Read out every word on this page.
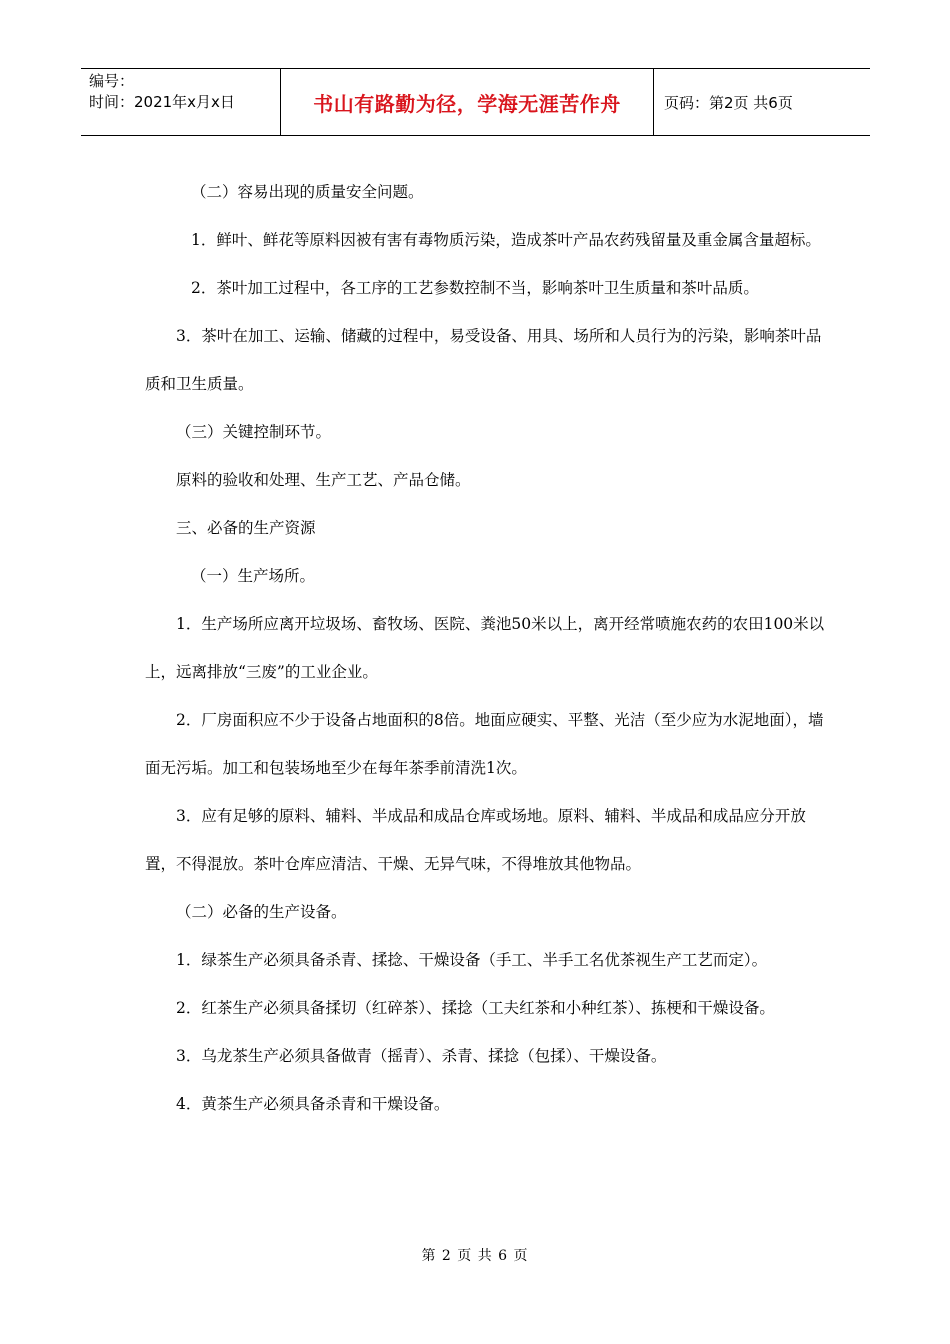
编号：
时间：2021年x月x日	书山有路勤为径，学海无涯苦作舟	页码：第2页 共6页

（二）容易出现的质量安全问题。

1．鲜叶、鲜花等原料因被有害有毒物质污染，造成茶叶产品农药残留量及重金属含量超标。

2．茶叶加工过程中，各工序的工艺参数控制不当，影响茶叶卫生质量和茶叶品质。

3．茶叶在加工、运输、储藏的过程中，易受设备、用具、场所和人员行为的污染，影响茶叶品质和卫生质量。

（三）关键控制环节。

原料的验收和处理、生产工艺、产品仓储。

三、必备的生产资源

（一）生产场所。

1．生产场所应离开垃圾场、畜牧场、医院、粪池50米以上，离开经常喷施农药的农田100米以上，远离排放“三废”的工业企业。

2．厂房面积应不少于设备占地面积的8倍。地面应硬实、平整、光洁（至少应为水泥地面），墙面无污垢。加工和包装场地至少在每年茶季前清洗1次。

3．应有足够的原料、辅料、半成品和成品仓库或场地。原料、辅料、半成品和成品应分开放置，不得混放。茶叶仓库应清洁、干燥、无异气味，不得堆放其他物品。

（二）必备的生产设备。

1．绿茶生产必须具备杀青、揉捻、干燥设备（手工、半手工名优茶视生产工艺而定）。

2．红茶生产必须具备揉切（红碎茶）、揉捻（工夫红茶和小种红茶）、拣梗和干燥设备。

3．乌龙茶生产必须具备做青（摇青）、杀青、揉捻（包揉）、干燥设备。

4．黄茶生产必须具备杀青和干燥设备。

第 2 页 共 6 页
